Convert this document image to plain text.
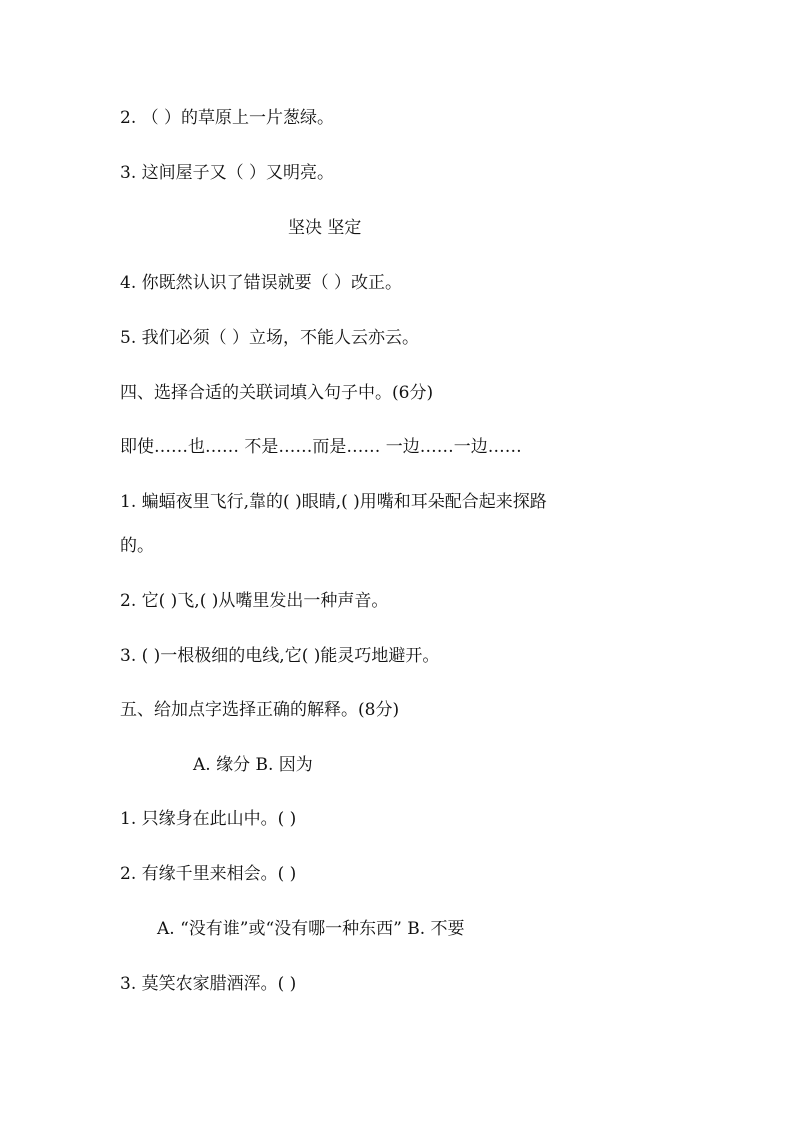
2. （ ）的草原上一片葱绿。
3. 这间屋子又（ ）又明亮。
坚决 坚定
4. 你既然认识了错误就要（ ）改正。
5. 我们必须（ ）立场，不能人云亦云。
四、选择合适的关联词填入句子中。(6分)
即使……也…… 不是……而是…… 一边……一边……
1. 蝙蝠夜里飞行,靠的( )眼睛,( )用嘴和耳朵配合起来探路
的。
2. 它( )飞,( )从嘴里发出一种声音。
3. ( )一根极细的电线,它( )能灵巧地避开。
五、给加点字选择正确的解释。(8分)
A. 缘分 B. 因为
1. 只缘身在此山中。( )
2. 有缘千里来相会。( )
A. “没有谁”或“没有哪一种东西” B. 不要
3. 莫笑农家腊酒浑。( )
